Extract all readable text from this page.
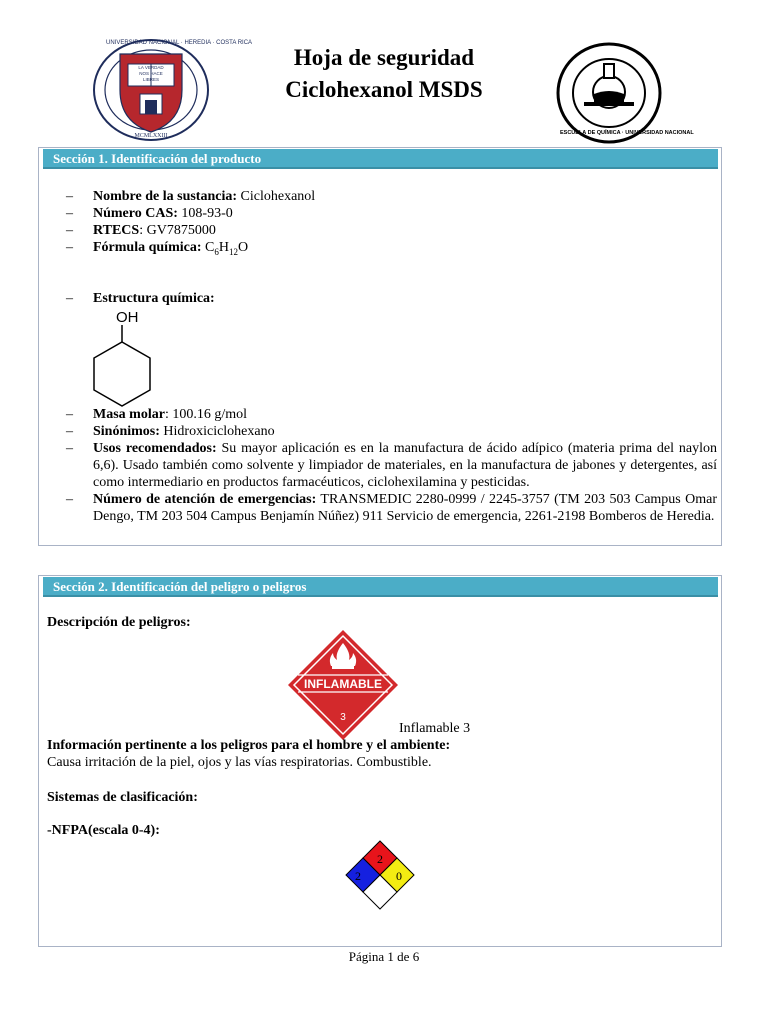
MCMLXXIII
UNIVERSIDAD NACIONAL · HEREDIA · COSTA RICA
LA VERDAD
NOS HACE
LIBRES
Hoja de seguridad
Ciclohexanol MSDS
ESCUELA DE QUÍMICA · UNIVERSIDAD NACIONAL
Sección 1. Identificación del producto
– Nombre de la sustancia: Ciclohexanol
– Número CAS: 108-93-0
– RTECS: GV7875000
– Fórmula química: $C_6H_{12}O$
– Estructura química:
OH
– Masa molar: 100.16 g/mol
– Sinónimos: Hidroxiciclohexano
– Usos recomendados: Su mayor aplicación es en la manufactura de ácido adípico (materia prima del naylon 6,6). Usado también como solvente y limpiador de materiales, en la manufactura de jabones y detergentes, así como intermediario en productos farmacéuticos, ciclohexilamina y pesticidas.
– Número de atención de emergencias: TRANSMEDIC 2280-0999 / 2245-3757 (TM 203 503 Campus Omar Dengo, TM 203 504 Campus Benjamín Núñez) 911 Servicio de emergencia, 2261-2198 Bomberos de Heredia.
Sección 2. Identificación del peligro o peligros
Descripción de peligros:
INFLAMABLE
3
Inflamable 3
Información pertinente a los peligros para el hombre y el ambiente:
Causa irritación de la piel, ojos y las vías respiratorias. Combustible.
Sistemas de clasificación:
-NFPA(escala 0-4):
2
2	0
Página 1 de 6
